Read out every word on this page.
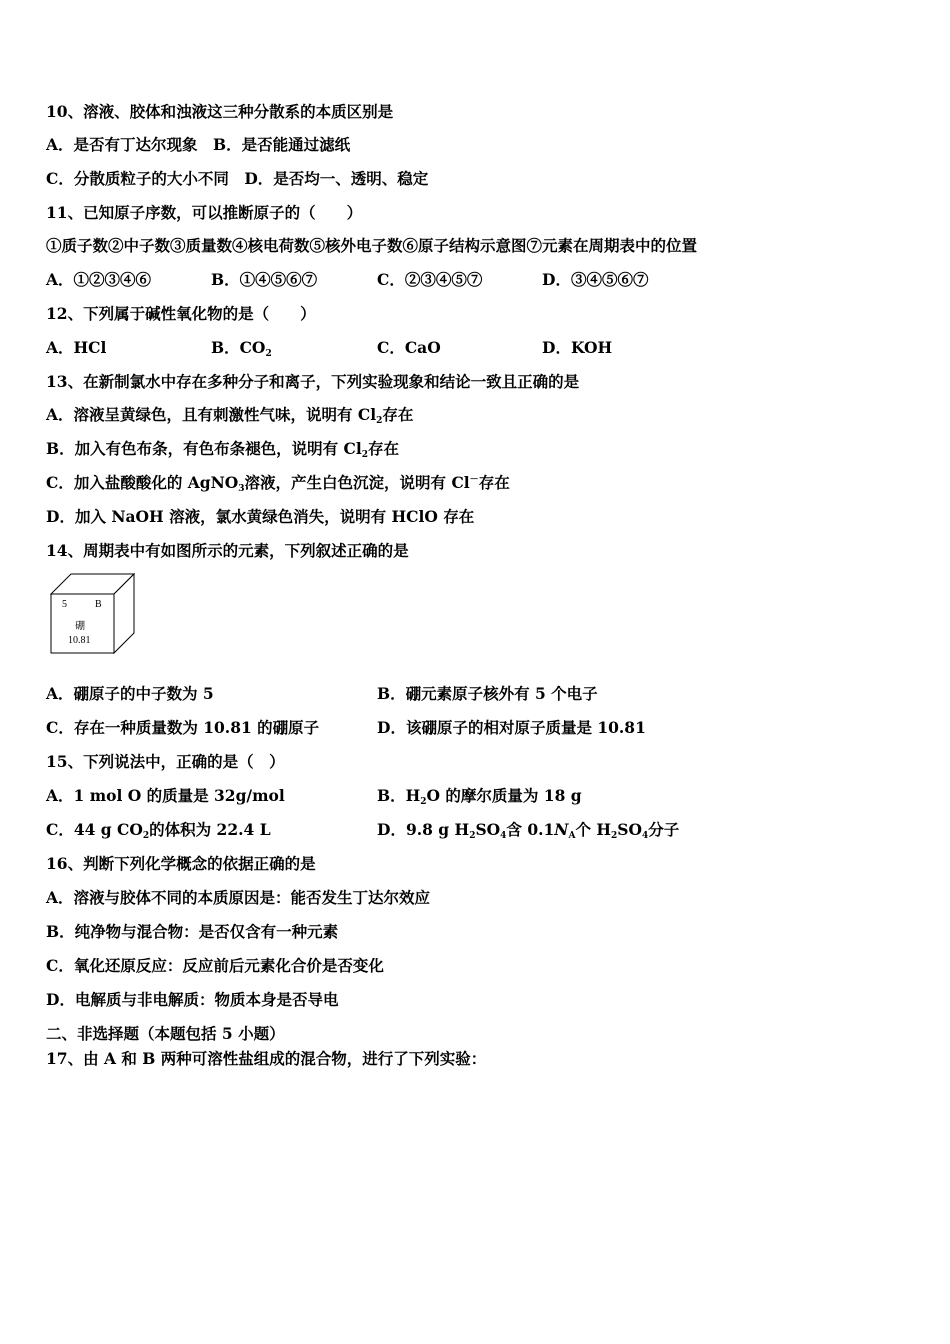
10、溶液、胶体和浊液这三种分散系的本质区别是
A．是否有丁达尔现象　B．是否能通过滤纸
C．分散质粒子的大小不同　D．是否均一、透明、稳定
11、已知原子序数，可以推断原子的（　　）
①质子数②中子数③质量数④核电荷数⑤核外电子数⑥原子结构示意图⑦元素在周期表中的位置
A．①②③④⑥	B．①④⑤⑥⑦	C．②③④⑤⑦	D．③④⑤⑥⑦
12、下列属于碱性氧化物的是（　　）
A．HCl	B．$CO_2$	C．CaO	D．KOH
13、在新制氯水中存在多种分子和离子，下列实验现象和结论一致且正确的是
A．溶液呈黄绿色，且有刺激性气味，说明有 $Cl_2$存在
B．加入有色布条，有色布条褪色，说明有 $Cl_2$存在
C．加入盐酸酸化的 AgNO$_3$溶液，产生白色沉淀，说明有 Cl－存在
D．加入 NaOH 溶液，氯水黄绿色消失，说明有 HClO 存在
14、周期表中有如图所示的元素，下列叙述正确的是
5	B
硼
10.81
A．硼原子的中子数为 5	B．硼元素原子核外有 5 个电子
C．存在一种质量数为 10.81 的硼原子	D．该硼原子的相对原子质量是 10.81
15、下列说法中，正确的是（　）
A．1 mol O 的质量是 32g/mol	B．$H_2O$ 的摩尔质量为 18 g
C．44 g $CO_2$的体积为 22.4 L	D．9.8 g $H_2SO_4$含 $0.1N_A$个 $H_2SO_4$分子
16、判断下列化学概念的依据正确的是
A．溶液与胶体不同的本质原因是：能否发生丁达尔效应
B．纯净物与混合物：是否仅含有一种元素
C．氧化还原反应：反应前后元素化合价是否变化
D．电解质与非电解质：物质本身是否导电
二、非选择题（本题包括 5 小题）
17、由 A 和 B 两种可溶性盐组成的混合物，进行了下列实验：
